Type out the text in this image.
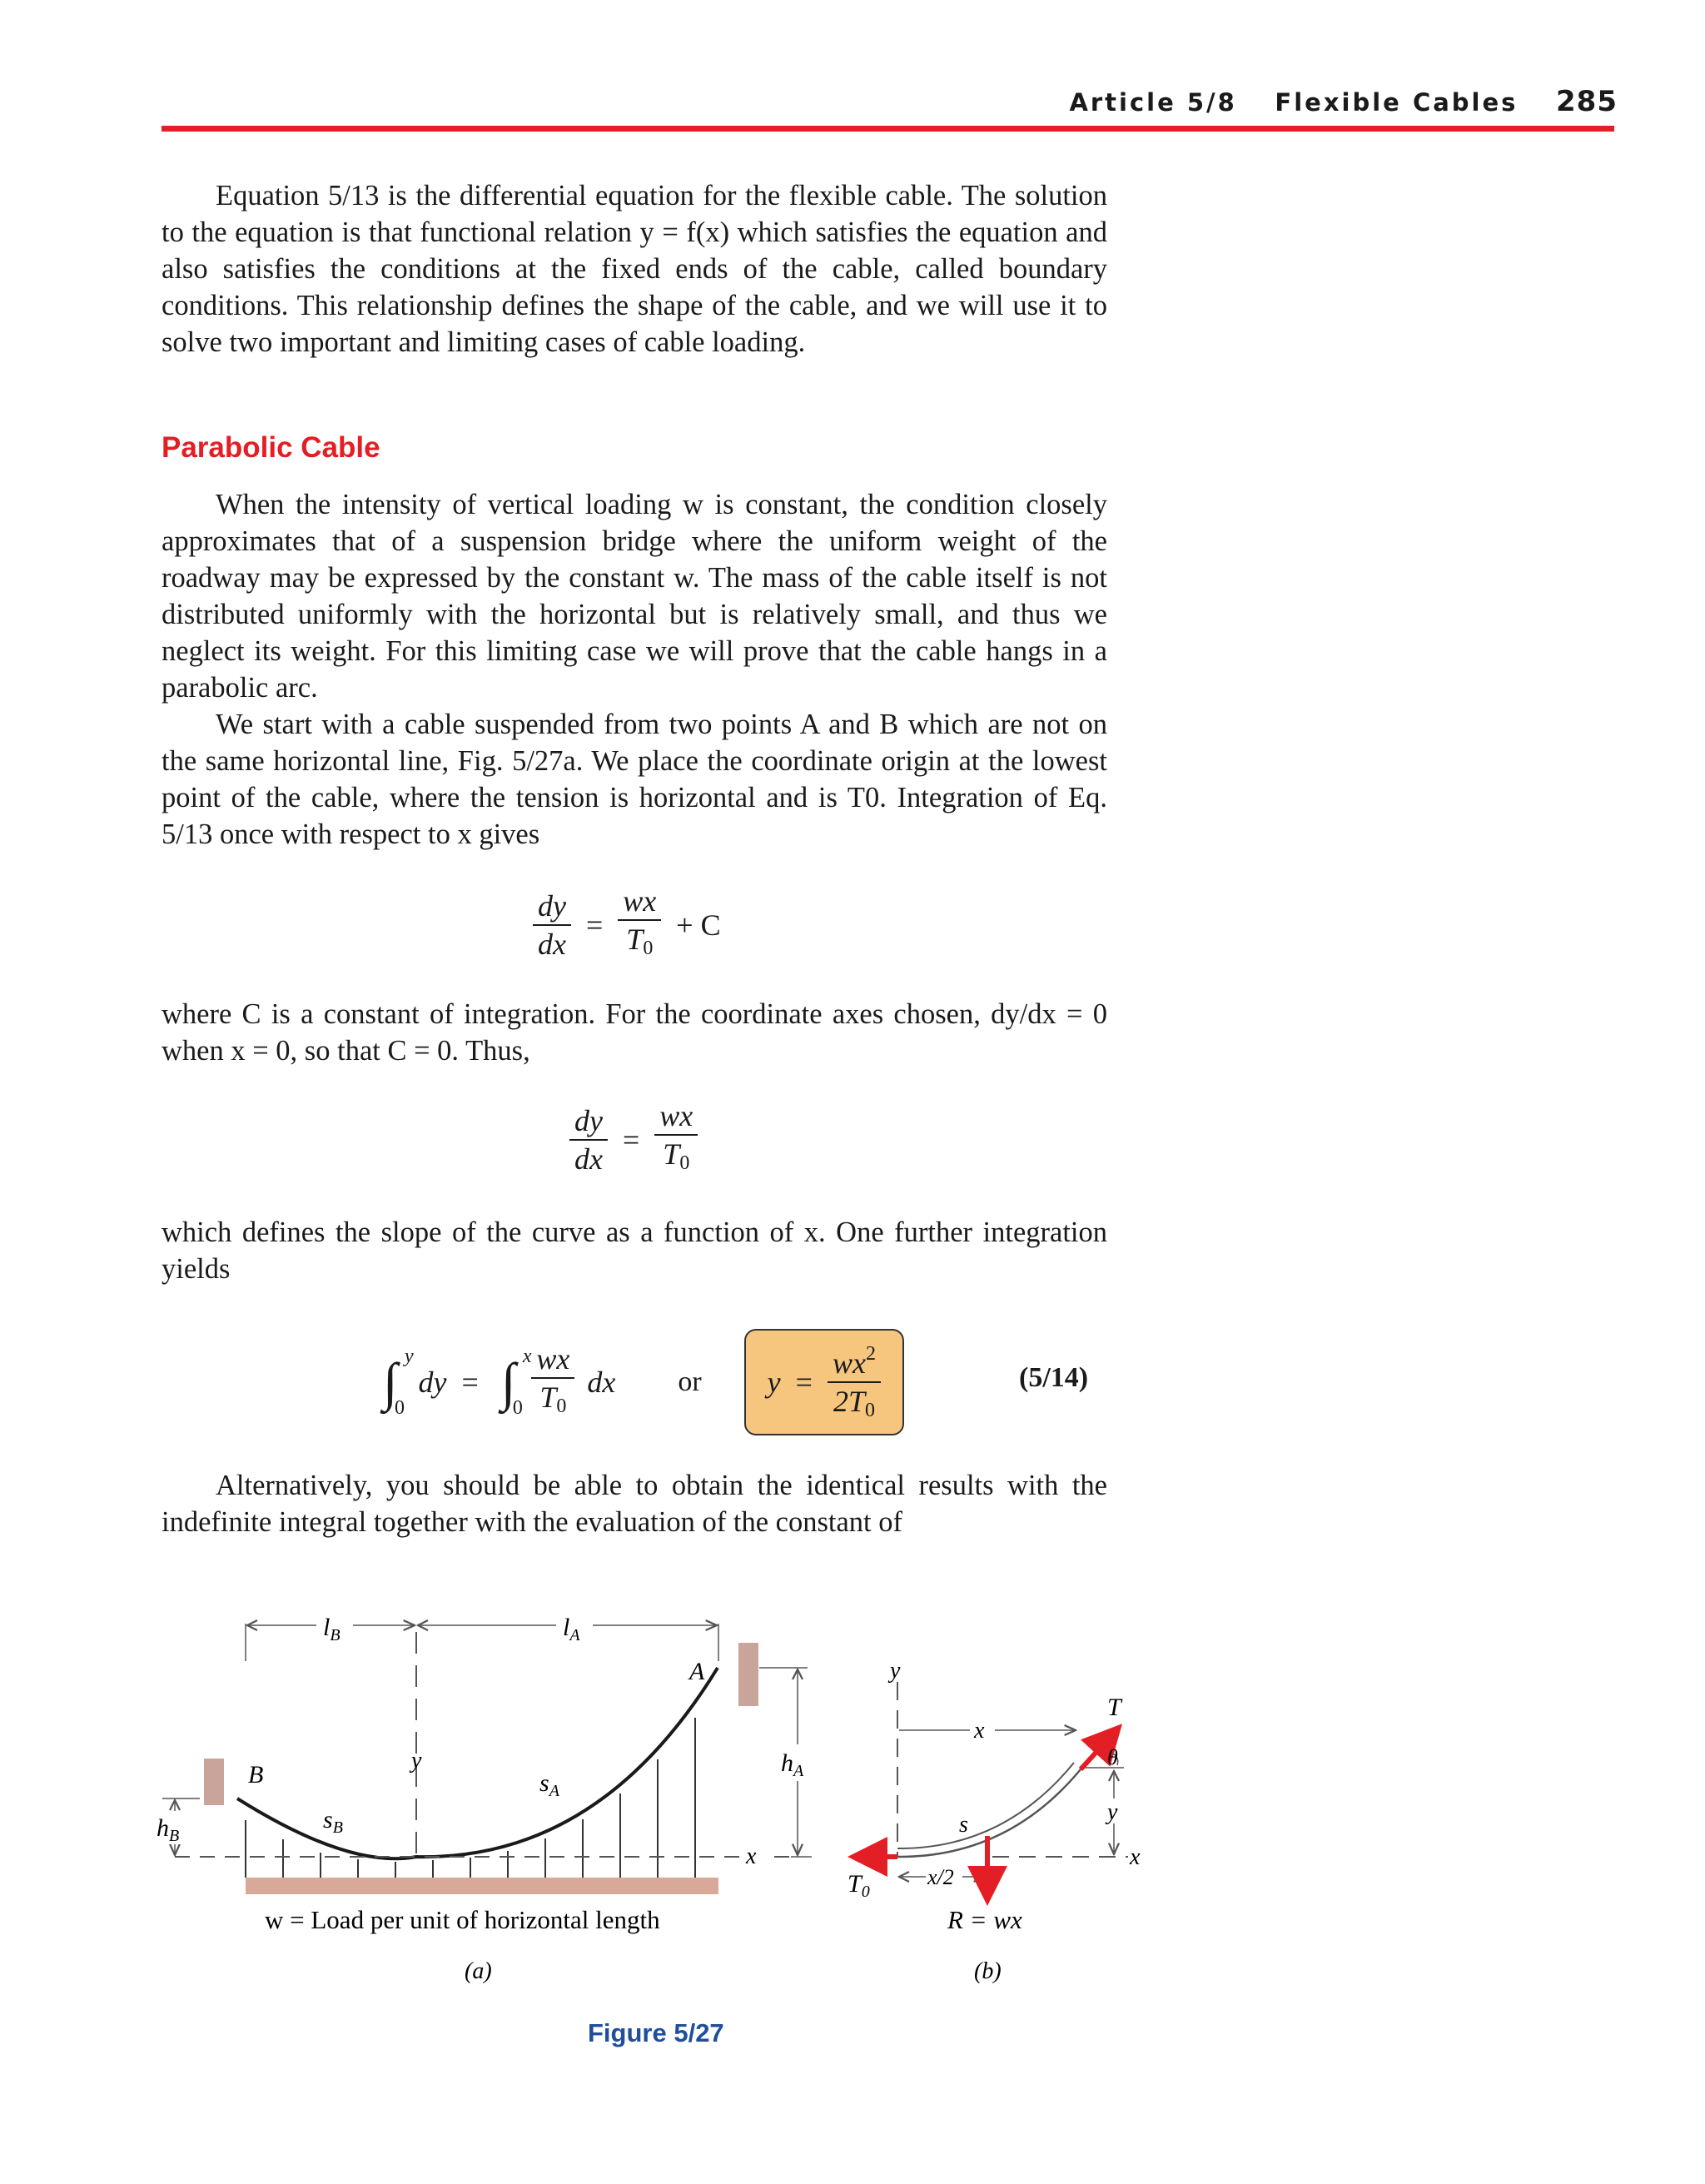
Article 5/8 Flexible Cables 285

Equation 5/13 is the differential equation for the flexible cable. The solution to the equation is that functional relation y = f(x) which satisfies the equation and also satisfies the conditions at the fixed ends of the cable, called boundary conditions. This relationship defines the shape of the cable, and we will use it to solve two important and limiting cases of cable loading.

Parabolic Cable

When the intensity of vertical loading w is constant, the condition closely approximates that of a suspension bridge where the uniform weight of the roadway may be expressed by the constant w. The mass of the cable itself is not distributed uniformly with the horizontal but is relatively small, and thus we neglect its weight. For this limiting case we will prove that the cable hangs in a parabolic arc.

We start with a cable suspended from two points A and B which are not on the same horizontal line, Fig. 5/27a. We place the coordinate origin at the lowest point of the cable, where the tension is horizontal and is T0. Integration of Eq. 5/13 once with respect to x gives

$\frac{dy}{dx} = \frac{wx}{T_0} + C$

where C is a constant of integration. For the coordinate axes chosen, dy/dx = 0 when x = 0, so that C = 0. Thus,

$\frac{dy}{dx} = \frac{wx}{T_0}$

which defines the slope of the curve as a function of x. One further integration yields

∫ y
0
dy = ∫ x
0
$\frac{wx}{T_0}$ dx or $y = \frac{wx^2}{2T_0}$	(5/14)

Alternatively, you should be able to obtain the identical results with the indefinite integral together with the evaluation of the constant of

$l_B$	$l_A$
A
B	$h_A$
$h_B$
$s_A$
$s_B$
y
x
w = Load per unit of horizontal length
(a)
y
x
x
y
T
θ
s
$T_0$
x/2
R = wx
(b)
Figure 5/27
